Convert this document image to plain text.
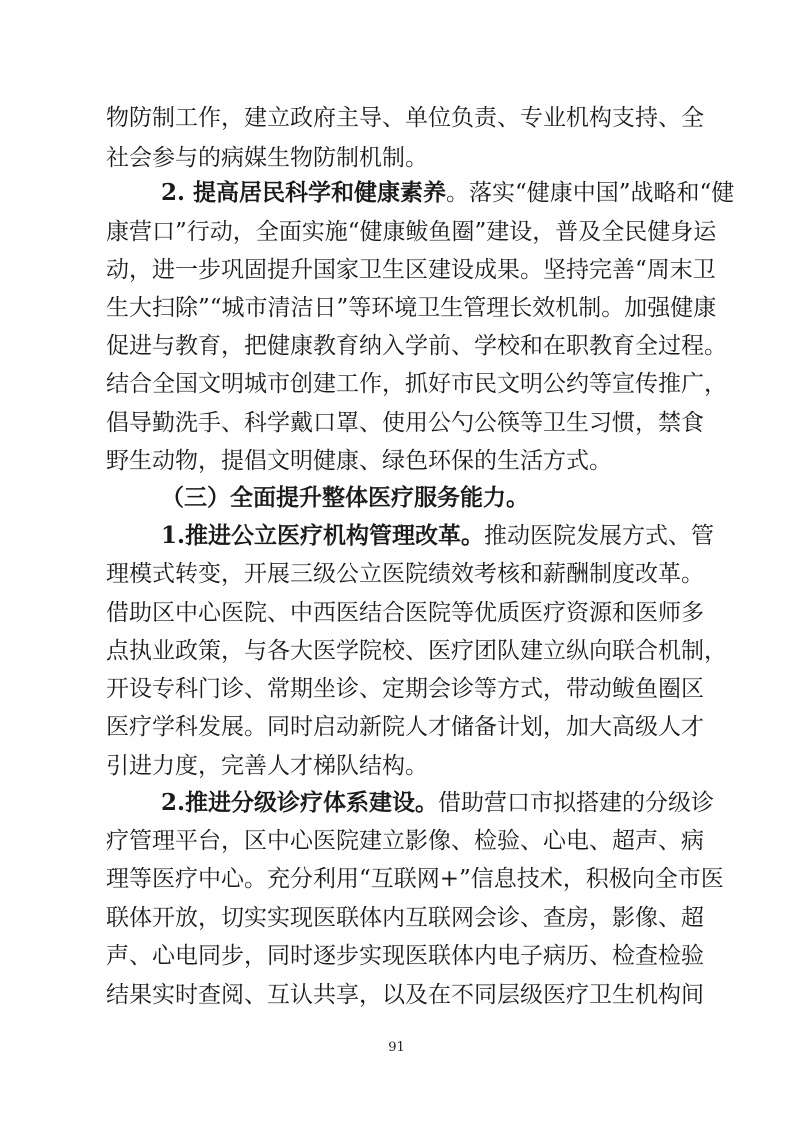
物防制工作，建立政府主导、单位负责、专业机构支持、全
社会参与的病媒生物防制机制。
2. 提高居民科学和健康素养。落实“健康中国”战略和“健
康营口”行动，全面实施“健康鲅鱼圈”建设，普及全民健身运
动，进一步巩固提升国家卫生区建设成果。坚持完善“周末卫
生大扫除”“城市清洁日”等环境卫生管理长效机制。加强健康
促进与教育，把健康教育纳入学前、学校和在职教育全过程。
结合全国文明城市创建工作，抓好市民文明公约等宣传推广，
倡导勤洗手、科学戴口罩、使用公勺公筷等卫生习惯，禁食
野生动物，提倡文明健康、绿色环保的生活方式。
（三）全面提升整体医疗服务能力。
1.推进公立医疗机构管理改革。推动医院发展方式、管
理模式转变，开展三级公立医院绩效考核和薪酬制度改革。
借助区中心医院、中西医结合医院等优质医疗资源和医师多
点执业政策，与各大医学院校、医疗团队建立纵向联合机制，
开设专科门诊、常期坐诊、定期会诊等方式，带动鲅鱼圈区
医疗学科发展。同时启动新院人才储备计划，加大高级人才
引进力度，完善人才梯队结构。
2.推进分级诊疗体系建设。借助营口市拟搭建的分级诊
疗管理平台，区中心医院建立影像、检验、心电、超声、病
理等医疗中心。充分利用“互联网+”信息技术，积极向全市医
联体开放，切实实现医联体内互联网会诊、查房，影像、超
声、心电同步，同时逐步实现医联体内电子病历、检查检验
结果实时查阅、互认共享，以及在不同层级医疗卫生机构间
91
